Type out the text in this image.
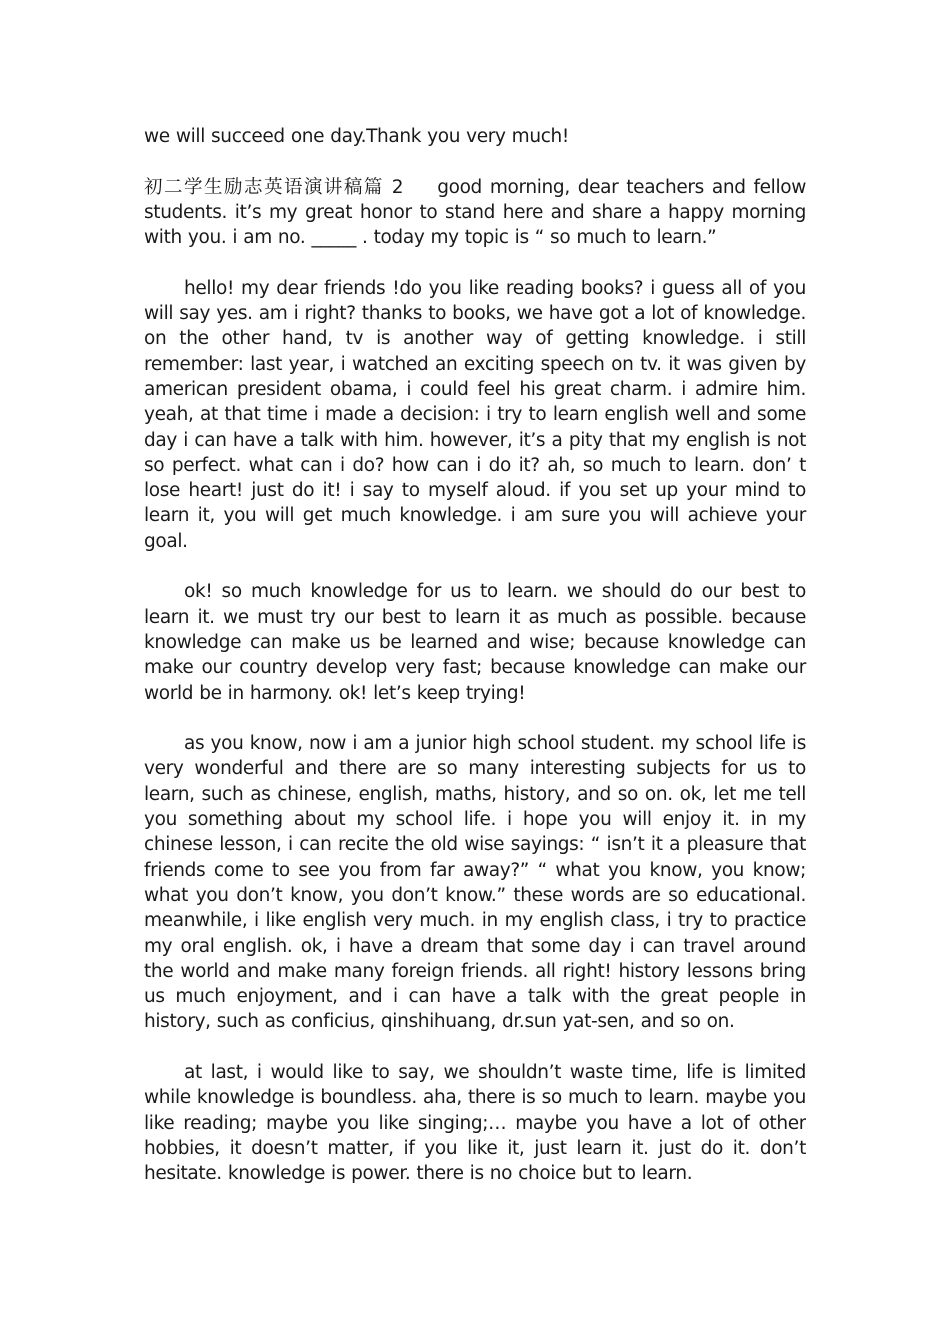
we will succeed one day.Thank you very much!

初二学生励志英语演讲稿篇 2 good morning, dear teachers and fellow students. it’s my great honor to stand here and share a happy morning with you. i am no. _____ . today my topic is “ so much to learn.”

hello! my dear friends !do you like reading books? i guess all of you will say yes. am i right? thanks to books, we have got a lot of knowledge. on the other hand, tv is another way of getting knowledge. i still remember: last year, i watched an exciting speech on tv. it was given by american president obama, i could feel his great charm. i admire him. yeah, at that time i made a decision: i try to learn english well and some day i can have a talk with him. however, it’s a pity that my english is not so perfect. what can i do? how can i do it? ah, so much to learn. don’ t lose heart! just do it! i say to myself aloud. if you set up your mind to learn it, you will get much knowledge. i am sure you will achieve your goal.

ok! so much knowledge for us to learn. we should do our best to learn it. we must try our best to learn it as much as possible. because knowledge can make us be learned and wise; because knowledge can make our country develop very fast; because knowledge can make our world be in harmony. ok! let’s keep trying!

as you know, now i am a junior high school student. my school life is very wonderful and there are so many interesting subjects for us to learn, such as chinese, english, maths, history, and so on. ok, let me tell you something about my school life. i hope you will enjoy it. in my chinese lesson, i can recite the old wise sayings: “ isn’t it a pleasure that friends come to see you from far away?” “ what you know, you know; what you don’t know, you don’t know.” these words are so educational. meanwhile, i like english very much. in my english class, i try to practice my oral english. ok, i have a dream that some day i can travel around the world and make many foreign friends. all right! history lessons bring us much enjoyment, and i can have a talk with the great people in history, such as conficius, qinshihuang, dr.sun yat-sen, and so on.

at last, i would like to say, we shouldn’t waste time, life is limited while knowledge is boundless. aha, there is so much to learn. maybe you like reading; maybe you like singing;… maybe you have a lot of other hobbies, it doesn’t matter, if you like it, just learn it. just do it. don’t hesitate. knowledge is power. there is no choice but to learn.
